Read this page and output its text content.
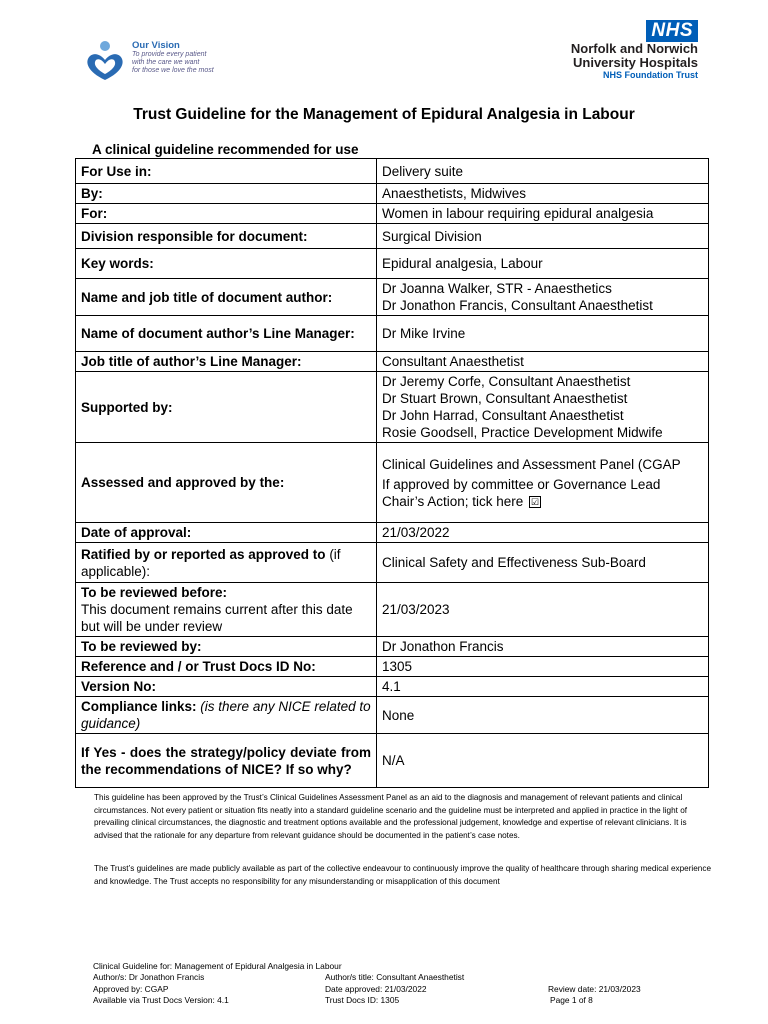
Our Vision
To provide every patient
with the care we want
for those we love the most
NHS
Norfolk and Norwich
University Hospitals
NHS Foundation Trust
Trust Guideline for the Management of Epidural Analgesia in Labour
A clinical guideline recommended for use
For Use in:	Delivery suite
By:	Anaesthetists, Midwives
For:	Women in labour requiring epidural analgesia
Division responsible for document:	Surgical Division
Key words:	Epidural analgesia, Labour
Name and job title of document author:	Dr Joanna Walker, STR - Anaesthetics
Dr Jonathon Francis, Consultant Anaesthetist

Name of document author’s Line Manager:	Dr Mike Irvine
Job title of author’s Line Manager:	Consultant Anaesthetist
Supported by:	Dr Jeremy Corfe, Consultant Anaesthetist
Dr Stuart Brown, Consultant Anaesthetist
Dr John Harrad, Consultant Anaesthetist
Rosie Goodsell, Practice Development Midwife

Assessed and approved by the:	Clinical Guidelines and Assessment Panel (CGAP
If approved by committee or Governance Lead Chair’s Action; tick here ☑

Date of approval:	21/03/2022
Ratified by or reported as approved to (if applicable):	Clinical Safety and Effectiveness Sub-Board

To be reviewed before:
This document remains current after this date but will be under review	21/03/2023
To be reviewed by:	Dr Jonathon Francis
Reference and / or Trust Docs ID No:	1305
Version No:	4.1
Compliance links: (is there any NICE related to guidance)	None
If Yes - does the strategy/policy deviate from the recommendations of NICE? If so why?	N/A
This guideline has been approved by the Trust’s Clinical Guidelines Assessment Panel as an aid to the diagnosis and management of relevant patients and clinical circumstances. Not every patient or situation fits neatly into a standard guideline scenario and the guideline must be interpreted and applied in practice in the light of prevailing clinical circumstances, the diagnostic and treatment options available and the professional judgement, knowledge and expertise of relevant clinicians. It is advised that the rationale for any departure from relevant guidance should be documented in the patient’s case notes.
The Trust’s guidelines are made publicly available as part of the collective endeavour to continuously improve the quality of healthcare through sharing medical experience and knowledge. The Trust accepts no responsibility for any misunderstanding or misapplication of this document
Clinical Guideline for: Management of Epidural Analgesia in Labour
Author/s: Dr Jonathon Francis	Author/s title: Consultant Anaesthetist
Approved by: CGAP	Date approved: 21/03/2022	Review date: 21/03/2023
Available via Trust Docs Version: 4.1	Trust Docs ID: 1305	Page 1 of 8
